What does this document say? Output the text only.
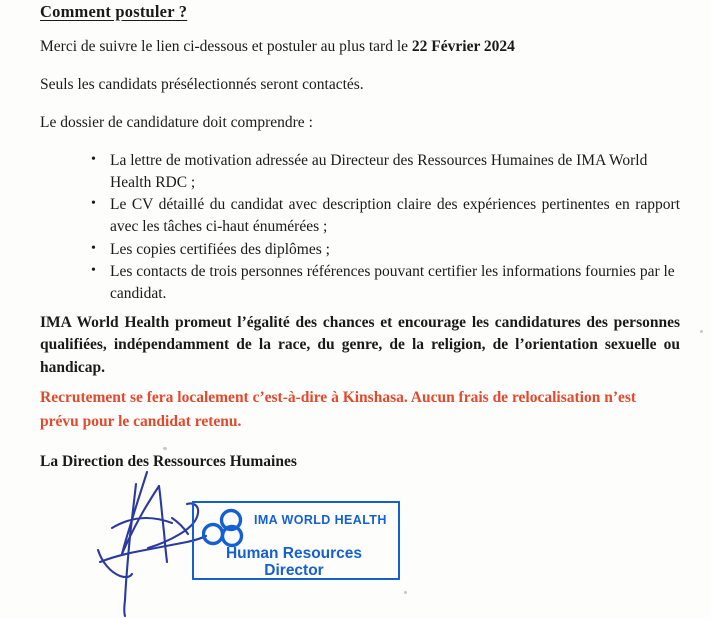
Comment postuler ?
Merci de suivre le lien ci-dessous et postuler au plus tard le 22 Février 2024
Seuls les candidats présélectionnés seront contactés.
Le dossier de candidature doit comprendre :
• La lettre de motivation adressée au Directeur des Ressources Humaines de IMA World Health RDC ;
• Le CV détaillé du candidat avec description claire des expériences pertinentes en rapport avec les tâches ci-haut énumérées ;
• Les copies certifiées des diplômes ;
• Les contacts de trois personnes références pouvant certifier les informations fournies par le candidat.
IMA World Health promeut l’égalité des chances et encourage les candidatures des personnes qualifiées, indépendamment de la race, du genre, de la religion, de l’orientation sexuelle ou handicap.
Recrutement se fera localement c’est-à-dire à Kinshasa. Aucun frais de relocalisation n’est prévu pour le candidat retenu.
La Direction des Ressources Humaines
IMA WORLD HEALTH
Human Resources
Director
